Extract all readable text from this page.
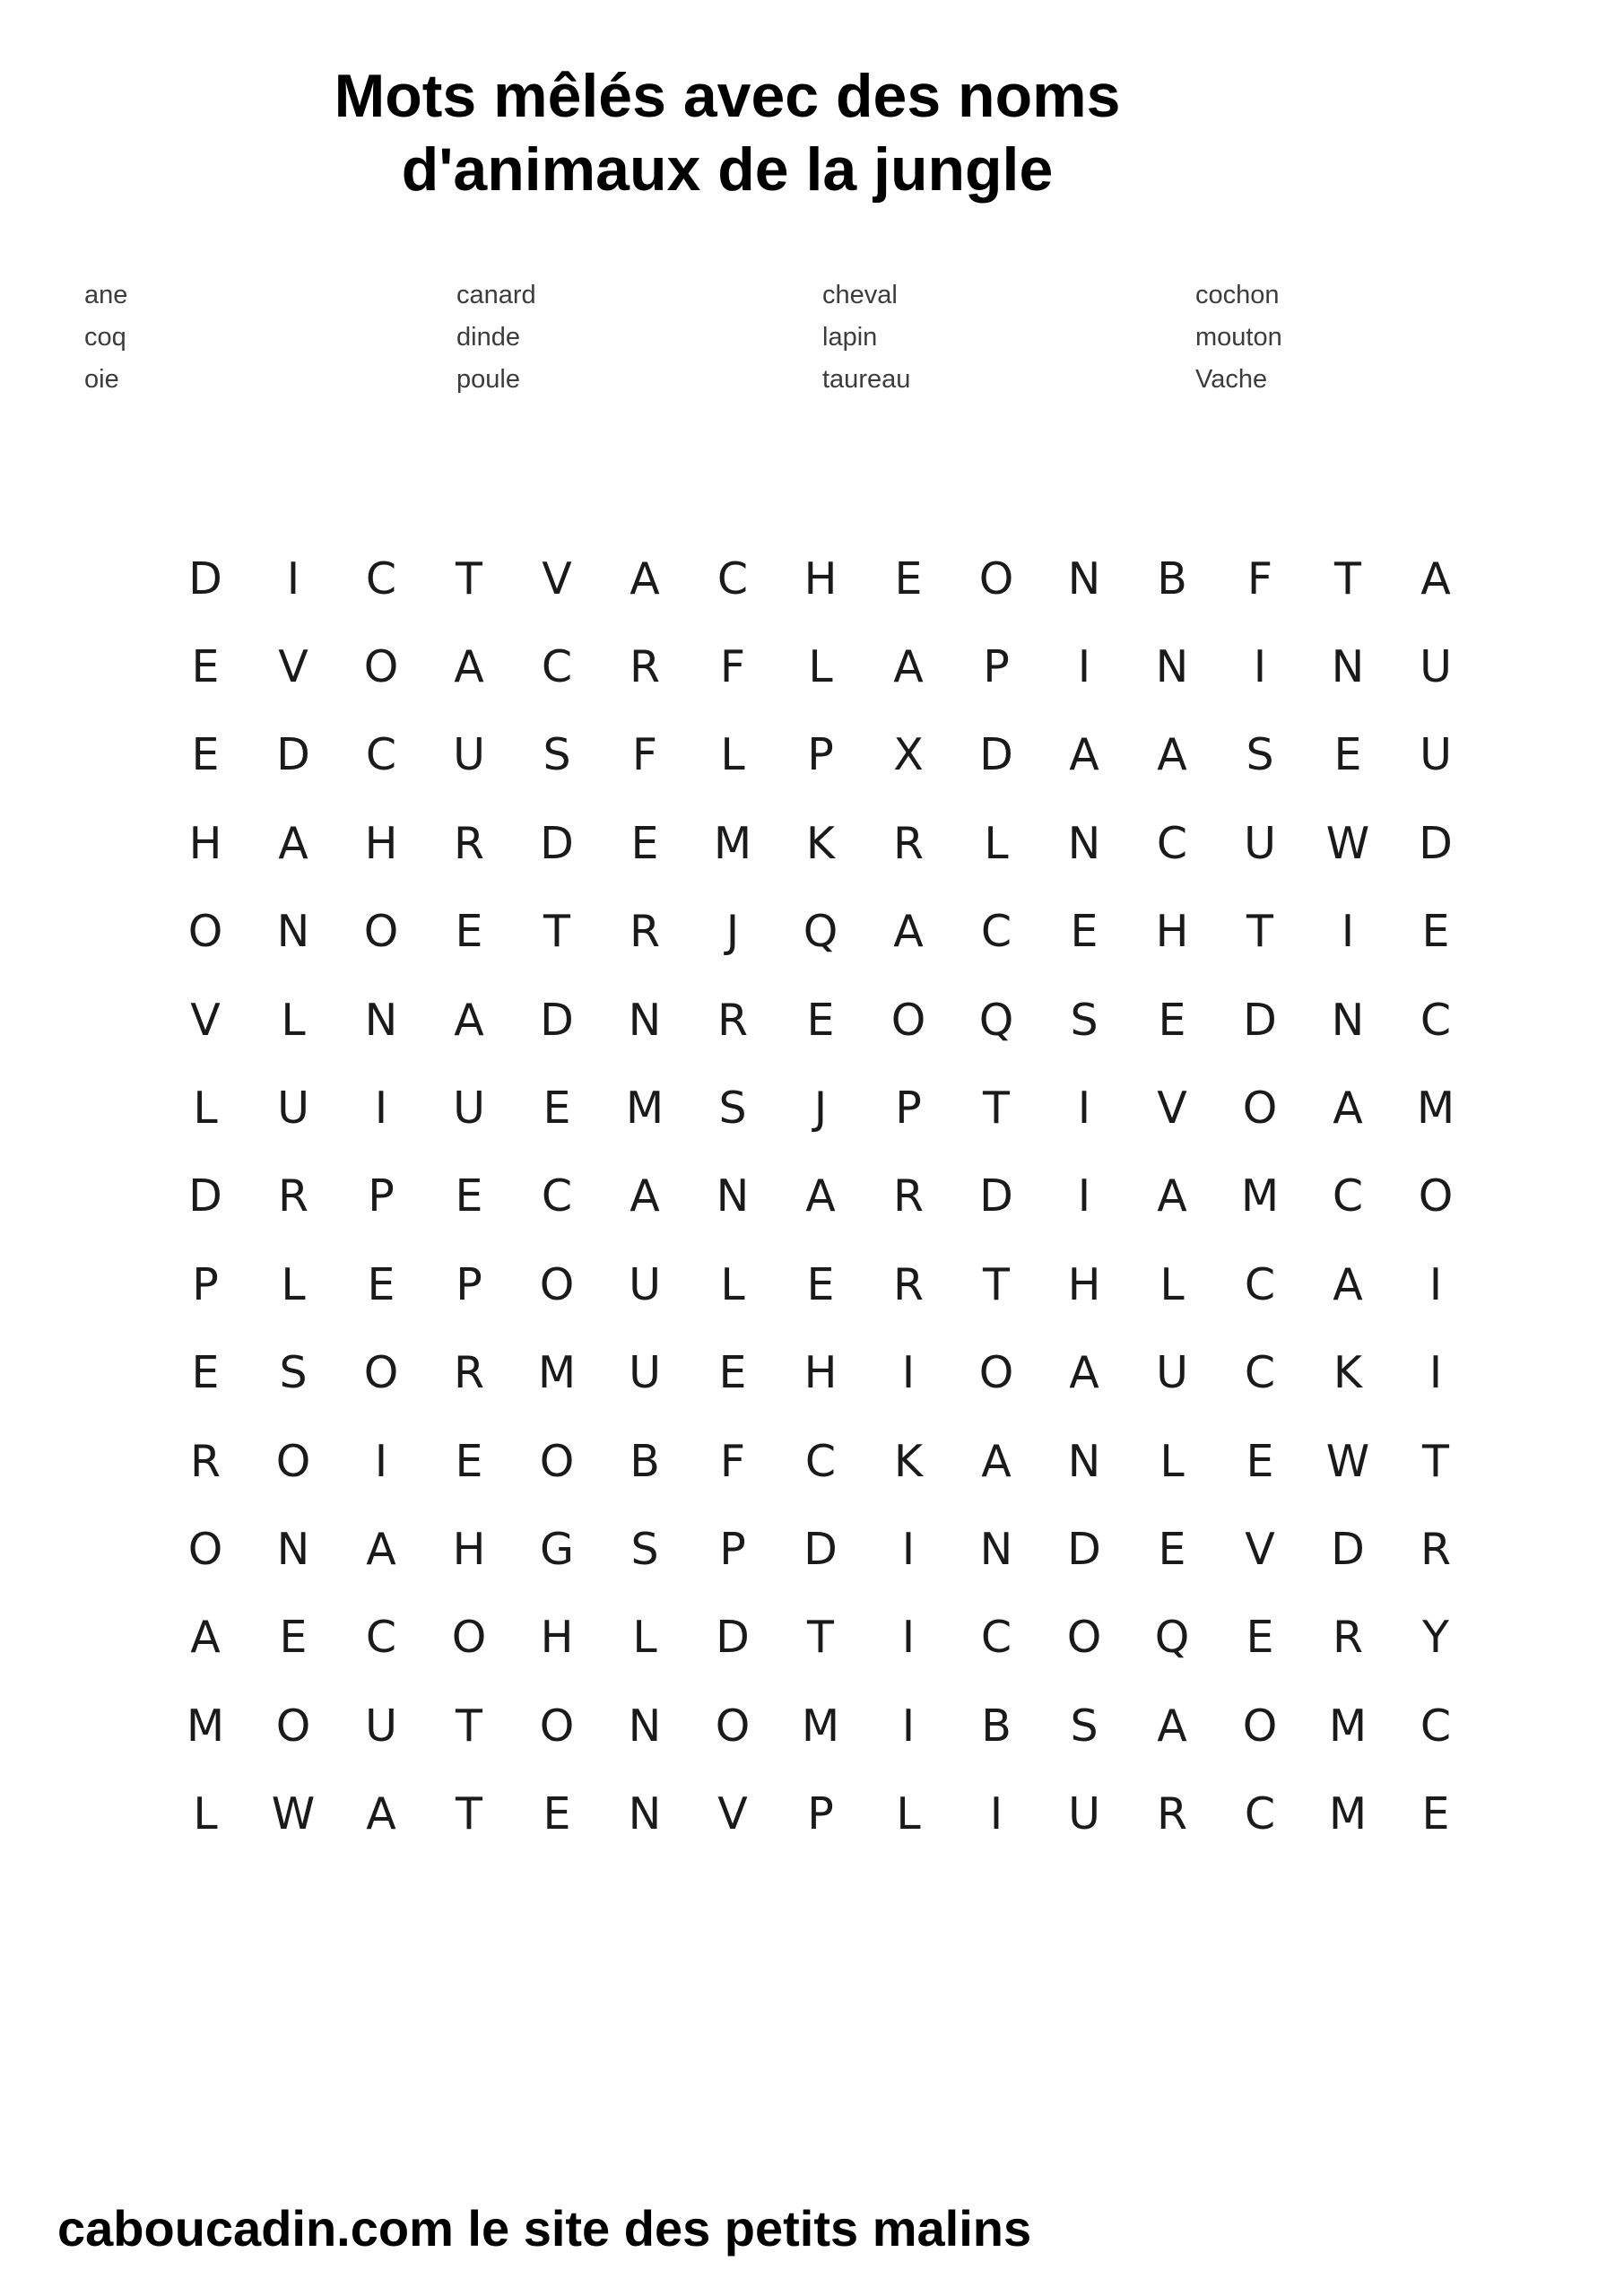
Mots mêlés avec des noms
d'animaux de la jungle
ane	canard	cheval	cochon
coq	dinde	lapin	mouton
oie	poule	taureau	Vache
D	I	C	T	V	A	C	H	E	O	N	B	F	T	A
E	V	O	A	C	R	F	L	A	P	I	N	I	N	U
E	D	C	U	S	F	L	P	X	D	A	A	S	E	U
H	A	H	R	D	E	M	K	R	L	N	C	U	W	D
O	N	O	E	T	R	J	Q	A	C	E	H	T	I	E
V	L	N	A	D	N	R	E	O	Q	S	E	D	N	C
L	U	I	U	E	M	S	J	P	T	I	V	O	A	M
D	R	P	E	C	A	N	A	R	D	I	A	M	C	O
P	L	E	P	O	U	L	E	R	T	H	L	C	A	I
E	S	O	R	M	U	E	H	I	O	A	U	C	K	I
R	O	I	E	O	B	F	C	K	A	N	L	E	W	T
O	N	A	H	G	S	P	D	I	N	D	E	V	D	R
A	E	C	O	H	L	D	T	I	C	O	Q	E	R	Y
M	O	U	T	O	N	O	M	I	B	S	A	O	M	C
L	W	A	T	E	N	V	P	L	I	U	R	C	M	E
caboucadin.com le site des petits malins
